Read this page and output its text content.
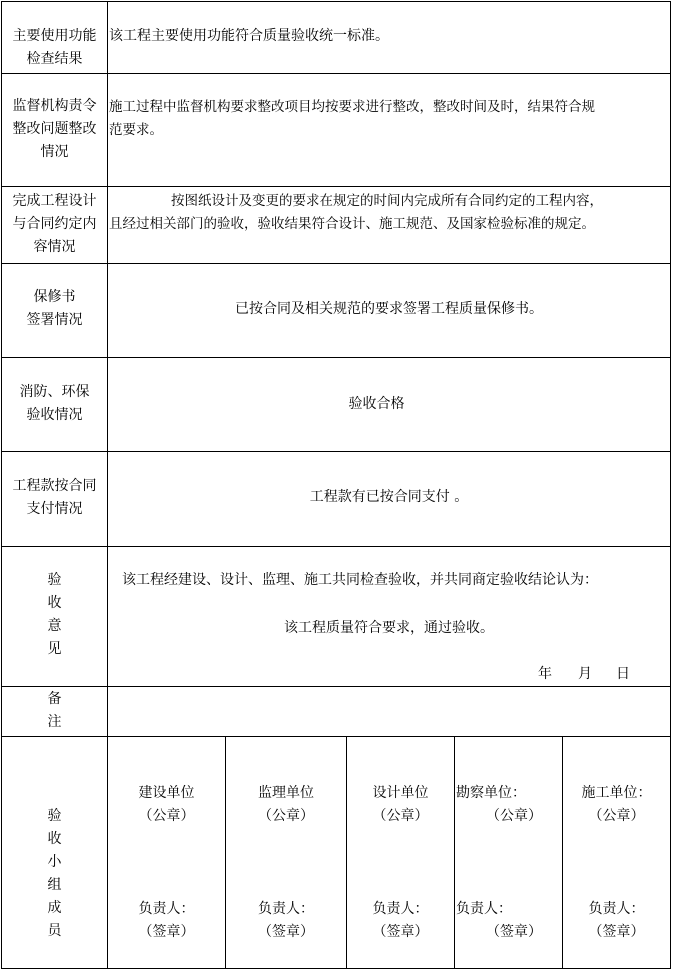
主要使用功能
检查结果
该工程主要使用功能符合质量验收统一标准。
监督机构责令
整改问题整改
情况
施工过程中监督机构要求整改项目均按要求进行整改，整改时间及时，结果符合规
范要求。
完成工程设计
与合同约定内
容情况
按图纸设计及变更的要求在规定的时间内完成所有合同约定的工程内容，
且经过相关部门的验收，验收结果符合设计、施工规范、及国家检验标准的规定。
保修书
签署情况
已按合同及相关规范的要求签署工程质量保修书。
消防、环保
验收情况
验收合格
工程款按合同
支付情况
工程款有已按合同支付 。
验
收
意
见
该工程经建设、设计、监理、施工共同检查验收，并共同商定验收结论认为：
该工程质量符合要求，通过验收。
年 月 日
备
注
验
收
小
组
成
员
建设单位
（公章）
负责人：
（签章）
监理单位
（公章）
负责人：
（签章）
设计单位
（公章）
负责人：
（签章）
勘察单位：
（公章）
负责人：
（签章）
施工单位：
（公章）
负责人：
（签章）
